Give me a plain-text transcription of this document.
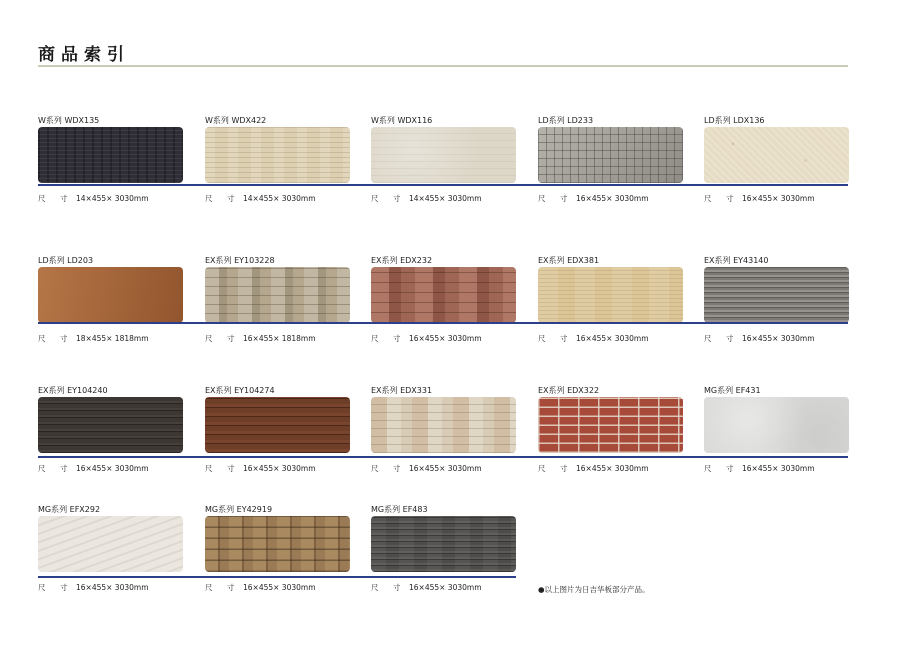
商品索引
W系列 WDX135
尺 寸 14×455× 3030mm
W系列 WDX422
尺 寸 14×455× 3030mm
W系列 WDX116
尺 寸 14×455× 3030mm
LD系列 LD233
尺 寸 16×455× 3030mm
LD系列 LDX136
尺 寸 16×455× 3030mm
LD系列 LD203
尺 寸 18×455× 1818mm
EX系列 EY103228
尺 寸 16×455× 1818mm
EX系列 EDX232
尺 寸 16×455× 3030mm
EX系列 EDX381
尺 寸 16×455× 3030mm
EX系列 EY43140
尺 寸 16×455× 3030mm
EX系列 EY104240
尺 寸 16×455× 3030mm
EX系列 EY104274
尺 寸 16×455× 3030mm
EX系列 EDX331
尺 寸 16×455× 3030mm
EX系列 EDX322
尺 寸 16×455× 3030mm
MG系列 EF431
尺 寸 16×455× 3030mm
MG系列 EFX292
尺 寸 16×455× 3030mm
MG系列 EY42919
尺 寸 16×455× 3030mm
MG系列 EF483
尺 寸 16×455× 3030mm	●以上图片为日吉华板部分产品。
